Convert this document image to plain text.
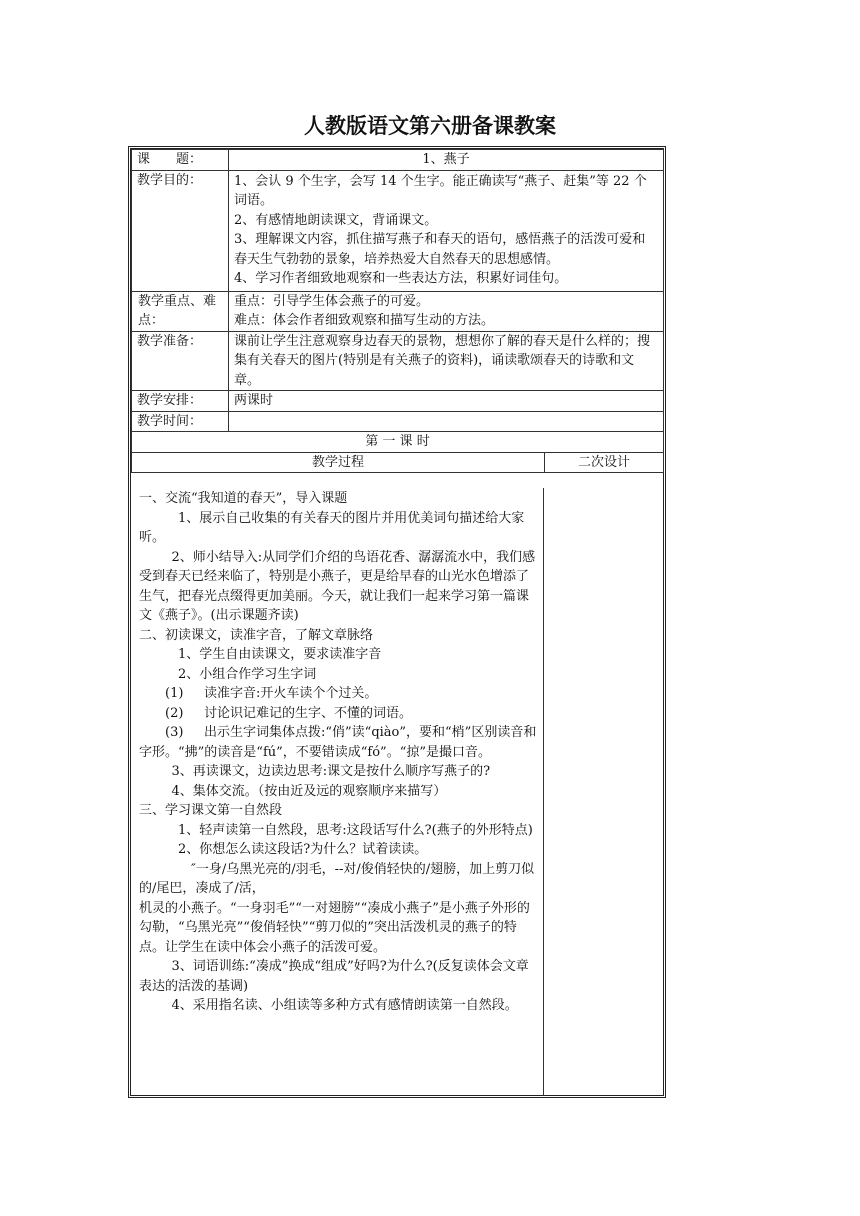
人教版语文第六册备课教案
课　　题：	1、燕子	
教学目的：	1、会认 9 个生字，会写 14 个生字。能正确读写“燕子、赶集”等 22 个词语。
2、有感情地朗读课文，背诵课文。
3、理解课文内容，抓住描写燕子和春天的语句，感悟燕子的活泼可爱和春天生气勃勃的景象，培养热爱大自然春天的思想感情。
4、学习作者细致地观察和一些表达方法，积累好词佳句。	

教学重点、难点：	重点：引导学生体会燕子的可爱。
难点：体会作者细致观察和描写生动的方法。	

教学准备：	课前让学生注意观察身边春天的景物，想想你了解的春天是什么样的；搜集有关春天的图片(特别是有关燕子的资料)，诵读歌颂春天的诗歌和文章。	
教学安排：	两课时	
教学时间：		
第 一 课 时		
教学过程		二次设计
一、交流“我知道的春天”，导入课题
1、展示自己收集的有关春天的图片并用优美词句描述给大家听。
2、师小结导入:从同学们介绍的鸟语花香、潺潺流水中，我们感受到春天已经来临了，特别是小燕子，更是给早春的山光水色增添了生气，把春光点缀得更加美丽。今天，就让我们一起来学习第一篇课文《燕子》。(出示课题齐读)
二、初读课文，读准字音，了解文章脉络
1、学生自由读课文，要求读准字音
2、小组合作学习生字词
(1) 读准字音:开火车读个个过关。
(2) 讨论识记难记的生字、不懂的词语。
(3) 出示生字词集体点拨:“俏”读“qiào”，要和“梢”区别读音和字形。“拂”的读音是“fú”，不要错读成“fó”。“掠”是撮口音。
3、再读课文，边读边思考:课文是按什么顺序写燕子的?
4、集体交流。（按由近及远的观察顺序来描写）
三、学习课文第一自然段
1、轻声读第一自然段，思考:这段话写什么?(燕子的外形特点)
2、你想怎么读这段话?为什么？试着读读。
″一身/乌黑光亮的/羽毛，--对/俊俏轻快的/翅膀，加上剪刀似的/尾巴，凑成了/活，
机灵的小燕子。“一身羽毛”“一对翅膀”“凑成小燕子”是小燕子外形的勾勒，“乌黑光亮”“俊俏轻快”“剪刀似的”突出活泼机灵的燕子的特点。让学生在读中体会小燕子的活泼可爱。
3、词语训练:“凑成”换成“组成”好吗?为什么?(反复读体会文章表达的活泼的基调)
4、采用指名读、小组读等多种方式有感情朗读第一自然段。
